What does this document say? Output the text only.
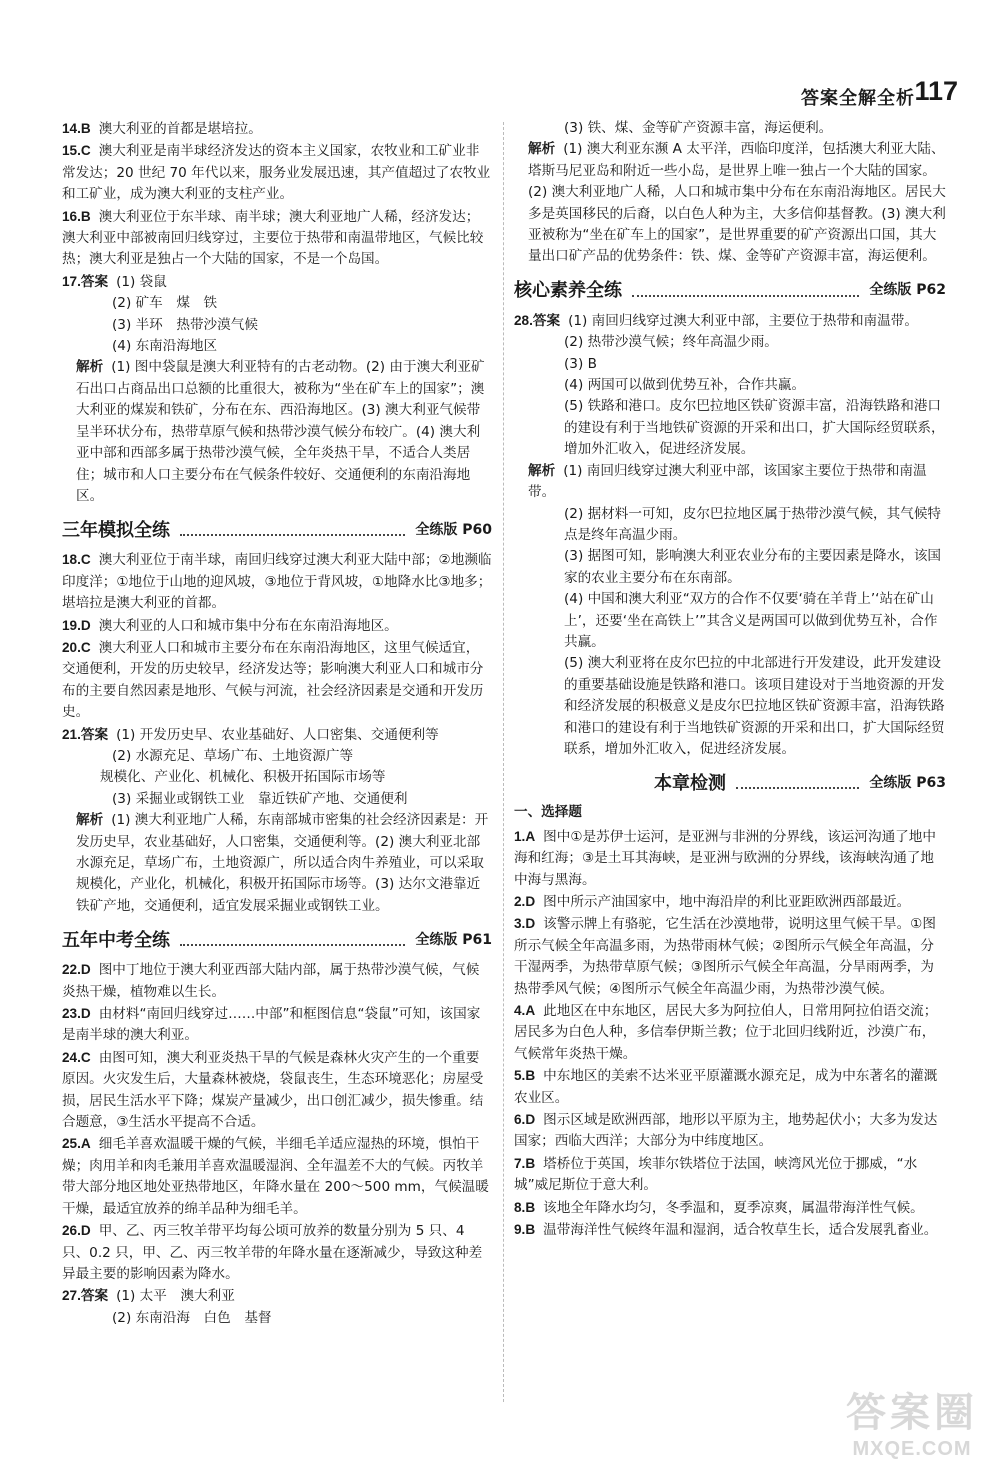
答案全解全析 117

14.B 澳大利亚的首都是堪培拉。

15.C 澳大利亚是南半球经济发达的资本主义国家，农牧业和工矿业非常发达；20 世纪 70 年代以来，服务业发展迅速，其产值超过了农牧业和工矿业，成为澳大利亚的支柱产业。

16.B 澳大利亚位于东半球、南半球；澳大利亚地广人稀，经济发达；澳大利亚中部被南回归线穿过，主要位于热带和南温带地区，气候比较热；澳大利亚是独占一个大陆的国家，不是一个岛国。

17.答案 (1) 袋鼠

(2) 矿车　煤　铁

(3) 半环　热带沙漠气候

(4) 东南沿海地区

解析 (1) 图中袋鼠是澳大利亚特有的古老动物。(2) 由于澳大利亚矿石出口占商品出口总额的比重很大，被称为“坐在矿车上的国家”；澳大利亚的煤炭和铁矿，分布在东、西沿海地区。(3) 澳大利亚气候带呈半环状分布，热带草原气候和热带沙漠气候分布较广。(4) 澳大利亚中部和西部多属于热带沙漠气候，全年炎热干旱，不适合人类居住；城市和人口主要分布在气候条件较好、交通便利的东南沿海地区。

三年模拟全练	全练版 P60

18.C 澳大利亚位于南半球，南回归线穿过澳大利亚大陆中部；②地濒临印度洋；①地位于山地的迎风坡，③地位于背风坡，①地降水比③地多；堪培拉是澳大利亚的首都。

19.D 澳大利亚的人口和城市集中分布在东南沿海地区。

20.C 澳大利亚人口和城市主要分布在东南沿海地区，这里气候适宜，交通便利，开发的历史较早，经济发达等；影响澳大利亚人口和城市分布的主要自然因素是地形、气候与河流，社会经济因素是交通和开发历史。

21.答案 (1) 开发历史早、农业基础好、人口密集、交通便利等

(2) 水源充足、草场广布、土地资源广等

规模化、产业化、机械化、积极开拓国际市场等

(3) 采掘业或钢铁工业　靠近铁矿产地、交通便利

解析 (1) 澳大利亚地广人稀，东南部城市密集的社会经济因素是：开发历史早，农业基础好，人口密集，交通便利等。(2) 澳大利亚北部水源充足，草场广布，土地资源广，所以适合肉牛养殖业，可以采取规模化，产业化，机械化，积极开拓国际市场等。(3) 达尔文港靠近铁矿产地，交通便利，适宜发展采掘业或钢铁工业。

五年中考全练	全练版 P61

22.D 图中丁地位于澳大利亚西部大陆内部，属于热带沙漠气候，气候炎热干燥，植物难以生长。

23.D 由材料“南回归线穿过……中部”和框图信息“袋鼠”可知，该国家是南半球的澳大利亚。

24.C 由图可知，澳大利亚炎热干旱的气候是森林火灾产生的一个重要原因。火灾发生后，大量森林被烧，袋鼠丧生，生态环境恶化；房屋受损，居民生活水平下降；煤炭产量减少，出口创汇减少，损失惨重。结合题意，③生活水平提高不合适。

25.A 细毛羊喜欢温暖干燥的气候，半细毛羊适应湿热的环境，惧怕干燥；肉用羊和肉毛兼用羊喜欢温暖湿润、全年温差不大的气候。丙牧羊带大部分地区地处亚热带地区，年降水量在 200～500 mm，气候温暖干燥，最适宜放养的绵羊品种为细毛羊。

26.D 甲、乙、丙三牧羊带平均每公顷可放养的数量分别为 5 只、4 只、0.2 只，甲、乙、丙三牧羊带的年降水量在逐渐减少，导致这种差异最主要的影响因素为降水。

27.答案 (1) 太平　澳大利亚

(2) 东南沿海　白色　基督

(3) 铁、煤、金等矿产资源丰富，海运便利。

解析 (1) 澳大利亚东濒 A 太平洋，西临印度洋，包括澳大利亚大陆、塔斯马尼亚岛和附近一些小岛，是世界上唯一独占一个大陆的国家。(2) 澳大利亚地广人稀，人口和城市集中分布在东南沿海地区。居民大多是英国移民的后裔，以白色人种为主，大多信仰基督教。(3) 澳大利亚被称为“坐在矿车上的国家”，是世界重要的矿产资源出口国，其大量出口矿产品的优势条件：铁、煤、金等矿产资源丰富，海运便利。

核心素养全练	全练版 P62

28.答案 (1) 南回归线穿过澳大利亚中部，主要位于热带和南温带。

(2) 热带沙漠气候；终年高温少雨。

(3) B

(4) 两国可以做到优势互补，合作共赢。

(5) 铁路和港口。皮尔巴拉地区铁矿资源丰富，沿海铁路和港口的建设有利于当地铁矿资源的开采和出口，扩大国际经贸联系，增加外汇收入，促进经济发展。

解析 (1) 南回归线穿过澳大利亚中部，该国家主要位于热带和南温带。

(2) 据材料一可知，皮尔巴拉地区属于热带沙漠气候，其气候特点是终年高温少雨。

(3) 据图可知，影响澳大利亚农业分布的主要因素是降水，该国家的农业主要分布在东南部。

(4) 中国和澳大利亚“双方的合作不仅要‘骑在羊背上’‘站在矿山上’，还要‘坐在高铁上’”其含义是两国可以做到优势互补，合作共赢。

(5) 澳大利亚将在皮尔巴拉的中北部进行开发建设，此开发建设的重要基础设施是铁路和港口。该项目建设对于当地资源的开发和经济发展的积极意义是皮尔巴拉地区铁矿资源丰富，沿海铁路和港口的建设有利于当地铁矿资源的开采和出口，扩大国际经贸联系，增加外汇收入，促进经济发展。

本章检测	全练版 P63

一、选择题

1.A 图中①是苏伊士运河，是亚洲与非洲的分界线，该运河沟通了地中海和红海；③是土耳其海峡，是亚洲与欧洲的分界线，该海峡沟通了地中海与黑海。

2.D 图中所示产油国家中，地中海沿岸的利比亚距欧洲西部最近。

3.D 该警示牌上有骆驼，它生活在沙漠地带，说明这里气候干旱。①图所示气候全年高温多雨，为热带雨林气候；②图所示气候全年高温，分干湿两季，为热带草原气候；③图所示气候全年高温，分旱雨两季，为热带季风气候；④图所示气候全年高温少雨，为热带沙漠气候。

4.A 此地区在中东地区，居民大多为阿拉伯人，日常用阿拉伯语交流；居民多为白色人种，多信奉伊斯兰教；位于北回归线附近，沙漠广布，气候常年炎热干燥。

5.B 中东地区的美索不达米亚平原灌溉水源充足，成为中东著名的灌溉农业区。

6.D 图示区域是欧洲西部，地形以平原为主，地势起伏小；大多为发达国家；西临大西洋；大部分为中纬度地区。

7.B 塔桥位于英国，埃菲尔铁塔位于法国，峡湾风光位于挪威，“水城”威尼斯位于意大利。

8.B 该地全年降水均匀，冬季温和，夏季凉爽，属温带海洋性气候。

9.B 温带海洋性气候终年温和湿润，适合牧草生长，适合发展乳畜业。

答案圈
MXQE.COM
